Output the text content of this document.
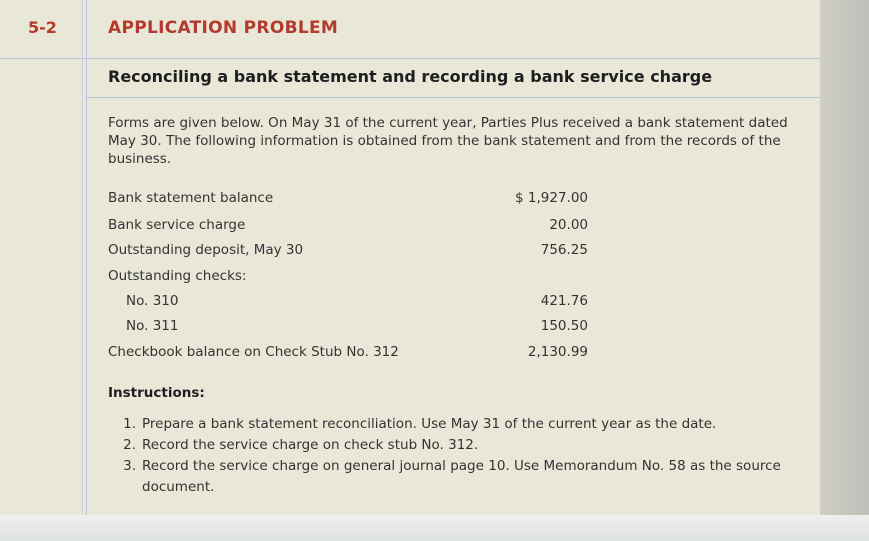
5-2	APPLICATION PROBLEM
Reconciling a bank statement and recording a bank service charge
Forms are given below. On May 31 of the current year, Parties Plus received a bank statement dated May 30. The following information is obtained from the bank statement and from the records of the business.
Bank statement balance	$ 1,927.00
Bank service charge	20.00
Outstanding deposit, May 30	756.25
Outstanding checks:
No. 310	421.76
No. 311	150.50
Checkbook balance on Check Stub No. 312	2,130.99
Instructions:
1. Prepare a bank statement reconciliation. Use May 31 of the current year as the date.
2. Record the service charge on check stub No. 312.
3. Record the service charge on general journal page 10. Use Memorandum No. 58 as the source document.
